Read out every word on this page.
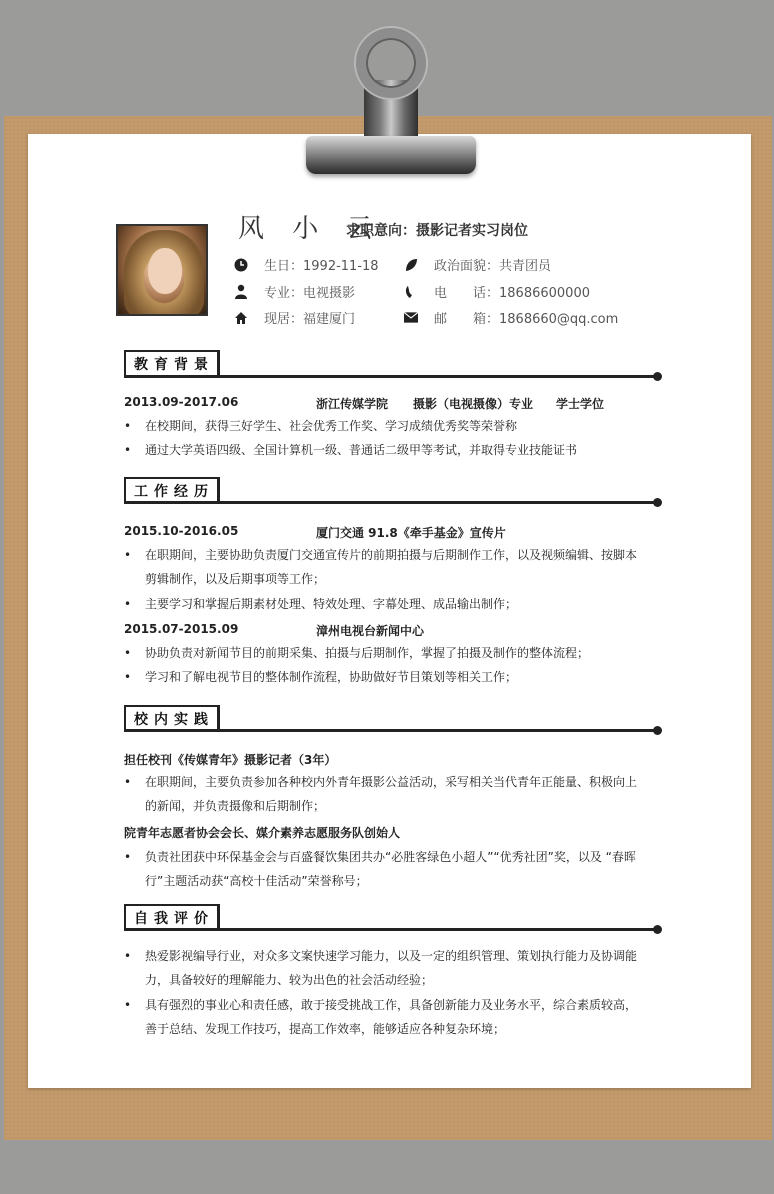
风 小 云
求职意向：摄影记者实习岗位
生日：1992-11-18
专业：电视摄影
现居：福建厦门
政治面貌：共青团员
电　　话：18686600000
邮　　箱：1868660@qq.com
教育背景
2013.09-2017.06	浙江传媒学院 摄影（电视摄像）专业 学士学位
•	在校期间，获得三好学生、社会优秀工作奖、学习成绩优秀奖等荣誉称
•	通过大学英语四级、全国计算机一级、普通话二级甲等考试，并取得专业技能证书
工作经历
2015.10-2016.05	厦门交通 91.8《牵手基金》宣传片
•	在职期间，主要协助负责厦门交通宣传片的前期拍摄与后期制作工作，以及视频编辑、按脚本剪辑制作，以及后期事项等工作；
•	主要学习和掌握后期素材处理、特效处理、字幕处理、成品输出制作；
2015.07-2015.09	漳州电视台新闻中心
•	协助负责对新闻节目的前期采集、拍摄与后期制作，掌握了拍摄及制作的整体流程；
•	学习和了解电视节目的整体制作流程，协助做好节目策划等相关工作；
校内实践
担任校刊《传媒青年》摄影记者（3年）
•	在职期间，主要负责参加各种校内外青年摄影公益活动，采写相关当代青年正能量、积极向上的新闻，并负责摄像和后期制作；
院青年志愿者协会会长、媒介素养志愿服务队创始人
•	负责社团获中环保基金会与百盛餐饮集团共办“必胜客绿色小超人”“优秀社团”奖，以及 “春晖行”主题活动获“高校十佳活动”荣誉称号；
自我评价
•	热爱影视编导行业，对众多文案快速学习能力，以及一定的组织管理、策划执行能力及协调能力，具备较好的理解能力、较为出色的社会活动经验；
•	具有强烈的事业心和责任感，敢于接受挑战工作，具备创新能力及业务水平，综合素质较高，善于总结、发现工作技巧，提高工作效率，能够适应各种复杂环境；
